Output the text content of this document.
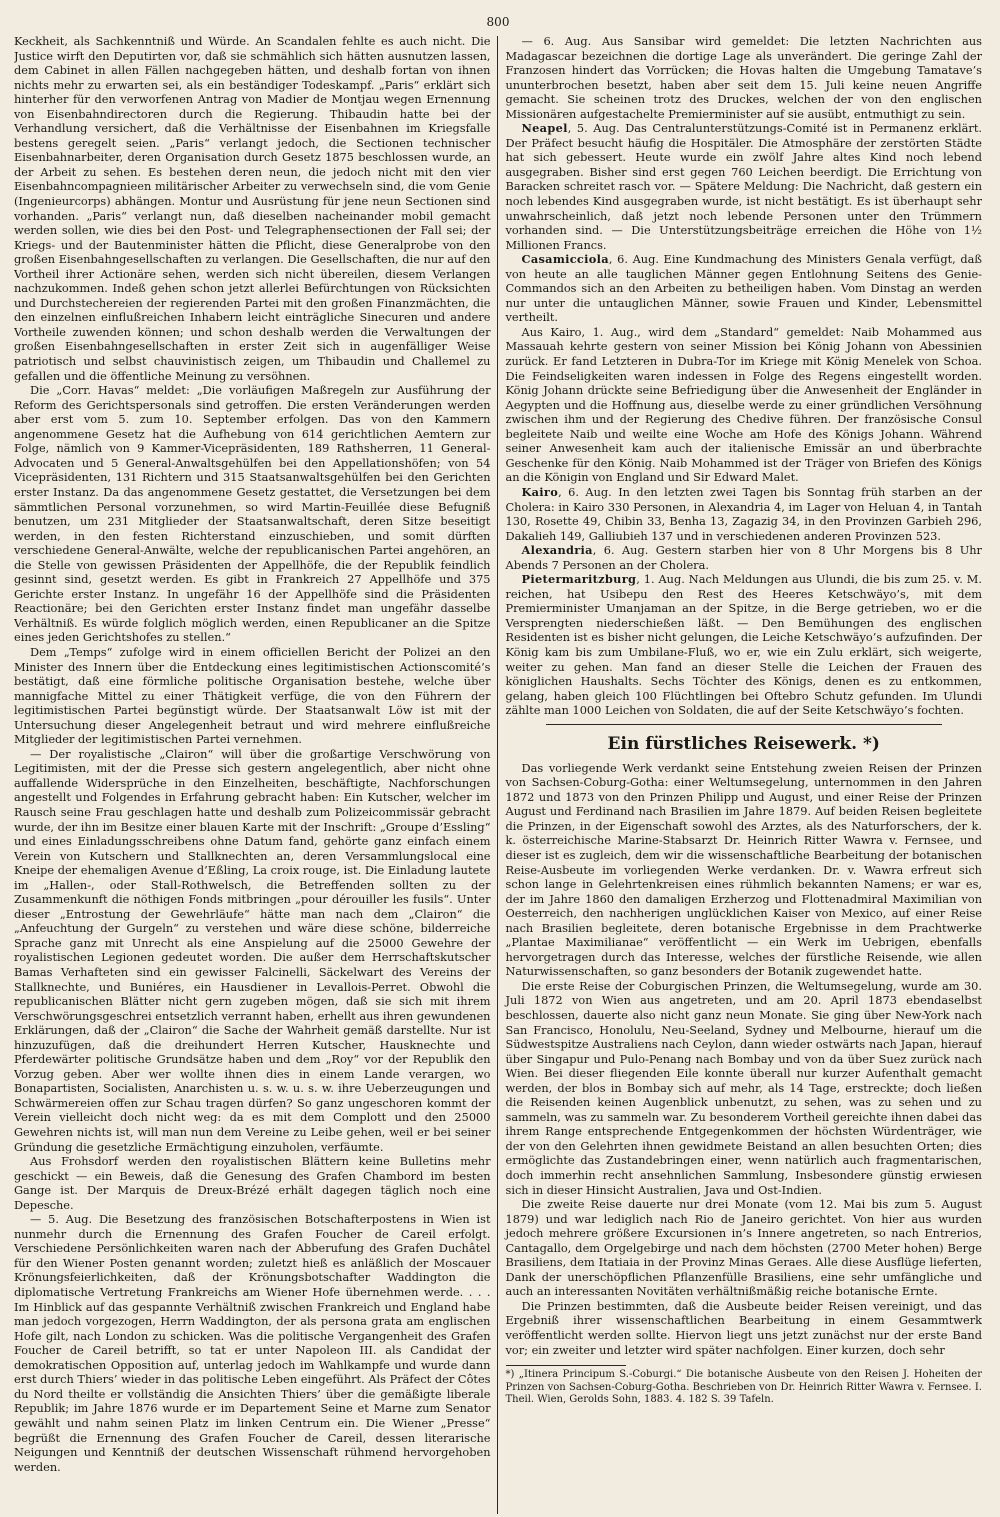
800

Keckheit, als Sachkenntniß und Würde. An Scandalen fehlte es auch nicht. Die Justice wirft den Deputirten vor, daß sie schmählich sich hätten ausnutzen lassen, dem Cabinet in allen Fällen nachgegeben hätten, und deshalb fortan von ihnen nichts mehr zu erwarten sei, als ein beständiger Todeskampf. „Paris“ erklärt sich hinterher für den verworfenen Antrag von Madier de Montjau wegen Ernennung von Eisenbahndirectoren durch die Regierung. Thibaudin hatte bei der Verhandlung versichert, daß die Verhältnisse der Eisenbahnen im Kriegsfalle bestens geregelt seien. „Paris“ verlangt jedoch, die Sectionen technischer Eisenbahnarbeiter, deren Organisation durch Gesetz 1875 beschlossen wurde, an der Arbeit zu sehen. Es bestehen deren neun, die jedoch nicht mit den vier Eisenbahncompagnieen militärischer Arbeiter zu verwechseln sind, die vom Genie (Ingenieurcorps) abhängen. Montur und Ausrüstung für jene neun Sectionen sind vorhanden. „Paris“ verlangt nun, daß dieselben nacheinander mobil gemacht werden sollen, wie dies bei den Post- und Telegraphensectionen der Fall sei; der Kriegs- und der Bautenminister hätten die Pflicht, diese Generalprobe von den großen Eisenbahngesellschaften zu verlangen. Die Gesellschaften, die nur auf den Vortheil ihrer Actionäre sehen, werden sich nicht übereilen, diesem Verlangen nachzukommen. Indeß gehen schon jetzt allerlei Befürchtungen von Rücksichten und Durchstechereien der regierenden Partei mit den großen Finanzmächten, die den einzelnen einflußreichen Inhabern leicht einträgliche Sinecuren und andere Vortheile zuwenden können; und schon deshalb werden die Verwaltungen der großen Eisenbahngesellschaften in erster Zeit sich in augenfälliger Weise patriotisch und selbst chauvinistisch zeigen, um Thibaudin und Challemel zu gefallen und die öffentliche Meinung zu versöhnen.

Die „Corr. Havas“ meldet: „Die vorläufigen Maßregeln zur Ausführung der Reform des Gerichtspersonals sind getroffen. Die ersten Veränderungen werden aber erst vom 5. zum 10. September erfolgen. Das von den Kammern angenommene Gesetz hat die Aufhebung von 614 gerichtlichen Aemtern zur Folge, nämlich von 9 Kammer-Vicepräsidenten, 189 Rathsherren, 11 General-Advocaten und 5 General-Anwaltsgehülfen bei den Appellationshöfen; von 54 Vicepräsidenten, 131 Richtern und 315 Staatsanwaltsgehülfen bei den Gerichten erster Instanz. Da das angenommene Gesetz gestattet, die Versetzungen bei dem sämmtlichen Personal vorzunehmen, so wird Martin-Feuillée diese Befugniß benutzen, um 231 Mitglieder der Staatsanwaltschaft, deren Sitze beseitigt werden, in den festen Richterstand einzuschieben, und somit dürften verschiedene General-Anwälte, welche der republicanischen Partei angehören, an die Stelle von gewissen Präsidenten der Appellhöfe, die der Republik feindlich gesinnt sind, gesetzt werden. Es gibt in Frankreich 27 Appellhöfe und 375 Gerichte erster Instanz. In ungefähr 16 der Appellhöfe sind die Präsidenten Reactionäre; bei den Gerichten erster Instanz findet man ungefähr dasselbe Verhältniß. Es würde folglich möglich werden, einen Republicaner an die Spitze eines jeden Gerichtshofes zu stellen.“

Dem „Temps“ zufolge wird in einem officiellen Bericht der Polizei an den Minister des Innern über die Entdeckung eines legitimistischen Actionscomité’s bestätigt, daß eine förmliche politische Organisation bestehe, welche über mannigfache Mittel zu einer Thätigkeit verfüge, die von den Führern der legitimistischen Partei begünstigt würde. Der Staatsanwalt Löw ist mit der Untersuchung dieser Angelegenheit betraut und wird mehrere einflußreiche Mitglieder der legitimistischen Partei vernehmen.

— Der royalistische „Clairon“ will über die großartige Verschwörung von Legitimisten, mit der die Presse sich gestern angelegentlich, aber nicht ohne auffallende Widersprüche in den Einzelheiten, beschäftigte, Nachforschungen angestellt und Folgendes in Erfahrung gebracht haben: Ein Kutscher, welcher im Rausch seine Frau geschlagen hatte und deshalb zum Polizeicommissär gebracht wurde, der ihn im Besitze einer blauen Karte mit der Inschrift: „Groupe d’Essling“ und eines Einladungsschreibens ohne Datum fand, gehörte ganz einfach einem Verein von Kutschern und Stallknechten an, deren Versammlungslocal eine Kneipe der ehemaligen Avenue d’Eßling, La croix rouge, ist. Die Einladung lautete im „Hallen-, oder Stall-Rothwelsch, die Betreffenden sollten zu der Zusammenkunft die nöthigen Fonds mitbringen „pour dérouiller les fusils“. Unter dieser „Entrostung der Gewehrläufe“ hätte man nach dem „Clairon“ die „Anfeuchtung der Gurgeln“ zu verstehen und wäre diese schöne, bilderreiche Sprache ganz mit Unrecht als eine Anspielung auf die 25000 Gewehre der royalistischen Legionen gedeutet worden. Die außer dem Herrschaftskutscher Bamas Verhafteten sind ein gewisser Falcinelli, Säckelwart des Vereins der Stallknechte, und Buniéres, ein Hausdiener in Levallois-Perret. Obwohl die republicanischen Blätter nicht gern zugeben mögen, daß sie sich mit ihrem Verschwörungsgeschrei entsetzlich verrannt haben, erhellt aus ihren gewundenen Erklärungen, daß der „Clairon“ die Sache der Wahrheit gemäß darstellte. Nur ist hinzuzufügen, daß die dreihundert Herren Kutscher, Hausknechte und Pferdewärter politische Grundsätze haben und dem „Roy“ vor der Republik den Vorzug geben. Aber wer wollte ihnen dies in einem Lande verargen, wo Bonapartisten, Socialisten, Anarchisten u. s. w. u. s. w. ihre Ueberzeugungen und Schwärmereien offen zur Schau tragen dürfen? So ganz ungeschoren kommt der Verein vielleicht doch nicht weg: da es mit dem Complott und den 25000 Gewehren nichts ist, will man nun dem Vereine zu Leibe gehen, weil er bei seiner Gründung die gesetzliche Ermächtigung einzuholen, verfäumte.

Aus Frohsdorf werden den royalistischen Blättern keine Bulletins mehr geschickt — ein Beweis, daß die Genesung des Grafen Chambord im besten Gange ist. Der Marquis de Dreux-Brézé erhält dagegen täglich noch eine Depesche.

— 5. Aug. Die Besetzung des französischen Botschafterpostens in Wien ist nunmehr durch die Ernennung des Grafen Foucher de Careil erfolgt. Verschiedene Persönlichkeiten waren nach der Abberufung des Grafen Duchâtel für den Wiener Posten genannt worden; zuletzt hieß es anläßlich der Moscauer Krönungsfeierlichkeiten, daß der Krönungsbotschafter Waddington die diplomatische Vertretung Frankreichs am Wiener Hofe übernehmen werde. . . . Im Hinblick auf das gespannte Verhältniß zwischen Frankreich und England habe man jedoch vorgezogen, Herrn Waddington, der als persona grata am englischen Hofe gilt, nach London zu schicken. Was die politische Vergangenheit des Grafen Foucher de Careil betrifft, so tat er unter Napoleon III. als Candidat der demokratischen Opposition auf, unterlag jedoch im Wahlkampfe und wurde dann erst durch Thiers’ wieder in das politische Leben eingeführt. Als Präfect der Côtes du Nord theilte er vollständig die Ansichten Thiers’ über die gemäßigte liberale Republik; im Jahre 1876 wurde er im Departement Seine et Marne zum Senator gewählt und nahm seinen Platz im linken Centrum ein. Die Wiener „Presse“ begrüßt die Ernennung des Grafen Foucher de Careil, dessen literarische Neigungen und Kenntniß der deutschen Wissenschaft rühmend hervorgehoben werden.

— 6. Aug. Aus Sansibar wird gemeldet: Die letzten Nachrichten aus Madagascar bezeichnen die dortige Lage als unverändert. Die geringe Zahl der Franzosen hindert das Vorrücken; die Hovas halten die Umgebung Tamatave’s ununterbrochen besetzt, haben aber seit dem 15. Juli keine neuen Angriffe gemacht. Sie scheinen trotz des Druckes, welchen der von den englischen Missionären aufgestachelte Premierminister auf sie ausübt, entmuthigt zu sein.

Neapel, 5. Aug. Das Centralunterstützungs-Comité ist in Permanenz erklärt. Der Präfect besucht häufig die Hospitäler. Die Atmosphäre der zerstörten Städte hat sich gebessert. Heute wurde ein zwölf Jahre altes Kind noch lebend ausgegraben. Bisher sind erst gegen 760 Leichen beerdigt. Die Errichtung von Baracken schreitet rasch vor. — Spätere Meldung: Die Nachricht, daß gestern ein noch lebendes Kind ausgegraben wurde, ist nicht bestätigt. Es ist überhaupt sehr unwahrscheinlich, daß jetzt noch lebende Personen unter den Trümmern vorhanden sind. — Die Unterstützungsbeiträge erreichen die Höhe von 1½ Millionen Francs.

Casamicciola, 6. Aug. Eine Kundmachung des Ministers Genala verfügt, daß von heute an alle tauglichen Männer gegen Entlohnung Seitens des Genie-Commandos sich an den Arbeiten zu betheiligen haben. Vom Dinstag an werden nur unter die untauglichen Männer, sowie Frauen und Kinder, Lebensmittel vertheilt.

Aus Kairo, 1. Aug., wird dem „Standard“ gemeldet: Naib Mohammed aus Massauah kehrte gestern von seiner Mission bei König Johann von Abessinien zurück. Er fand Letzteren in Dubra-Tor im Kriege mit König Menelek von Schoa. Die Feindseligkeiten waren indessen in Folge des Regens eingestellt worden. König Johann drückte seine Befriedigung über die Anwesenheit der Engländer in Aegypten und die Hoffnung aus, dieselbe werde zu einer gründlichen Versöhnung zwischen ihm und der Regierung des Chedive führen. Der französische Consul begleitete Naib und weilte eine Woche am Hofe des Königs Johann. Während seiner Anwesenheit kam auch der italienische Emissär an und überbrachte Geschenke für den König. Naib Mohammed ist der Träger von Briefen des Königs an die Königin von England und Sir Edward Malet.

Kairo, 6. Aug. In den letzten zwei Tagen bis Sonntag früh starben an der Cholera: in Kairo 330 Personen, in Alexandria 4, im Lager von Heluan 4, in Tantah 130, Rosette 49, Chibin 33, Benha 13, Zagazig 34, in den Provinzen Garbieh 296, Dakalieh 149, Galliubieh 137 und in verschiedenen anderen Provinzen 523.

Alexandria, 6. Aug. Gestern starben hier von 8 Uhr Morgens bis 8 Uhr Abends 7 Personen an der Cholera.

Pietermaritzburg, 1. Aug. Nach Meldungen aus Ulundi, die bis zum 25. v. M. reichen, hat Usibepu den Rest des Heeres Ketschwäyo’s, mit dem Premierminister Umanjaman an der Spitze, in die Berge getrieben, wo er die Versprengten niederschießen läßt. — Den Bemühungen des englischen Residenten ist es bisher nicht gelungen, die Leiche Ketschwäyo’s aufzufinden. Der König kam bis zum Umbilane-Fluß, wo er, wie ein Zulu erklärt, sich weigerte, weiter zu gehen. Man fand an dieser Stelle die Leichen der Frauen des königlichen Haushalts. Sechs Töchter des Königs, denen es zu entkommen, gelang, haben gleich 100 Flüchtlingen bei Oftebro Schutz gefunden. Im Ulundi zählte man 1000 Leichen von Soldaten, die auf der Seite Ketschwäyo’s fochten.

Ein fürstliches Reisewerk. *)

Das vorliegende Werk verdankt seine Entstehung zweien Reisen der Prinzen von Sachsen-Coburg-Gotha: einer Weltumsegelung, unternommen in den Jahren 1872 und 1873 von den Prinzen Philipp und August, und einer Reise der Prinzen August und Ferdinand nach Brasilien im Jahre 1879. Auf beiden Reisen begleitete die Prinzen, in der Eigenschaft sowohl des Arztes, als des Naturforschers, der k. k. österreichische Marine-Stabsarzt Dr. Heinrich Ritter Wawra v. Fernsee, und dieser ist es zugleich, dem wir die wissenschaftliche Bearbeitung der botanischen Reise-Ausbeute im vorliegenden Werke verdanken. Dr. v. Wawra erfreut sich schon lange in Gelehrtenkreisen eines rühmlich bekannten Namens; er war es, der im Jahre 1860 den damaligen Erzherzog und Flottenadmiral Maximilian von Oesterreich, den nachherigen unglücklichen Kaiser von Mexico, auf einer Reise nach Brasilien begleitete, deren botanische Ergebnisse in dem Prachtwerke „Plantae Maximilianae“ veröffentlicht — ein Werk im Uebrigen, ebenfalls hervorgetragen durch das Interesse, welches der fürstliche Reisende, wie allen Naturwissenschaften, so ganz besonders der Botanik zugewendet hatte.

Die erste Reise der Coburgischen Prinzen, die Weltumsegelung, wurde am 30. Juli 1872 von Wien aus angetreten, und am 20. April 1873 ebendaselbst beschlossen, dauerte also nicht ganz neun Monate. Sie ging über New-York nach San Francisco, Honolulu, Neu-Seeland, Sydney und Melbourne, hierauf um die Südwestspitze Australiens nach Ceylon, dann wieder ostwärts nach Japan, hierauf über Singapur und Pulo-Penang nach Bombay und von da über Suez zurück nach Wien. Bei dieser fliegenden Eile konnte überall nur kurzer Aufenthalt gemacht werden, der blos in Bombay sich auf mehr, als 14 Tage, erstreckte; doch ließen die Reisenden keinen Augenblick unbenutzt, zu sehen, was zu sehen und zu sammeln, was zu sammeln war. Zu besonderem Vortheil gereichte ihnen dabei das ihrem Range entsprechende Entgegenkommen der höchsten Würdenträger, wie der von den Gelehrten ihnen gewidmete Beistand an allen besuchten Orten; dies ermöglichte das Zustandebringen einer, wenn natürlich auch fragmentarischen, doch immerhin recht ansehnlichen Sammlung, Insbesondere günstig erwiesen sich in dieser Hinsicht Australien, Java und Ost-Indien.

Die zweite Reise dauerte nur drei Monate (vom 12. Mai bis zum 5. August 1879) und war lediglich nach Rio de Janeiro gerichtet. Von hier aus wurden jedoch mehrere größere Excursionen in’s Innere angetreten, so nach Entrerios, Cantagallo, dem Orgelgebirge und nach dem höchsten (2700 Meter hohen) Berge Brasiliens, dem Itatiaia in der Provinz Minas Geraes. Alle diese Ausflüge lieferten, Dank der unerschöpflichen Pflanzenfülle Brasiliens, eine sehr umfängliche und auch an interessanten Novitäten verhältnißmäßig reiche botanische Ernte.

Die Prinzen bestimmten, daß die Ausbeute beider Reisen vereinigt, und das Ergebniß ihrer wissenschaftlichen Bearbeitung in einem Gesammtwerk veröffentlicht werden sollte. Hiervon liegt uns jetzt zunächst nur der erste Band vor; ein zweiter und letzter wird später nachfolgen. Einer kurzen, doch sehr

*) „Itinera Principum S.-Coburgi.“ Die botanische Ausbeute von den Reisen J. Hoheiten der Prinzen von Sachsen-Coburg-Gotha. Beschrieben von Dr. Heinrich Ritter Wawra v. Fernsee. I. Theil. Wien, Gerolds Sohn, 1883. 4. 182 S. 39 Tafeln.
